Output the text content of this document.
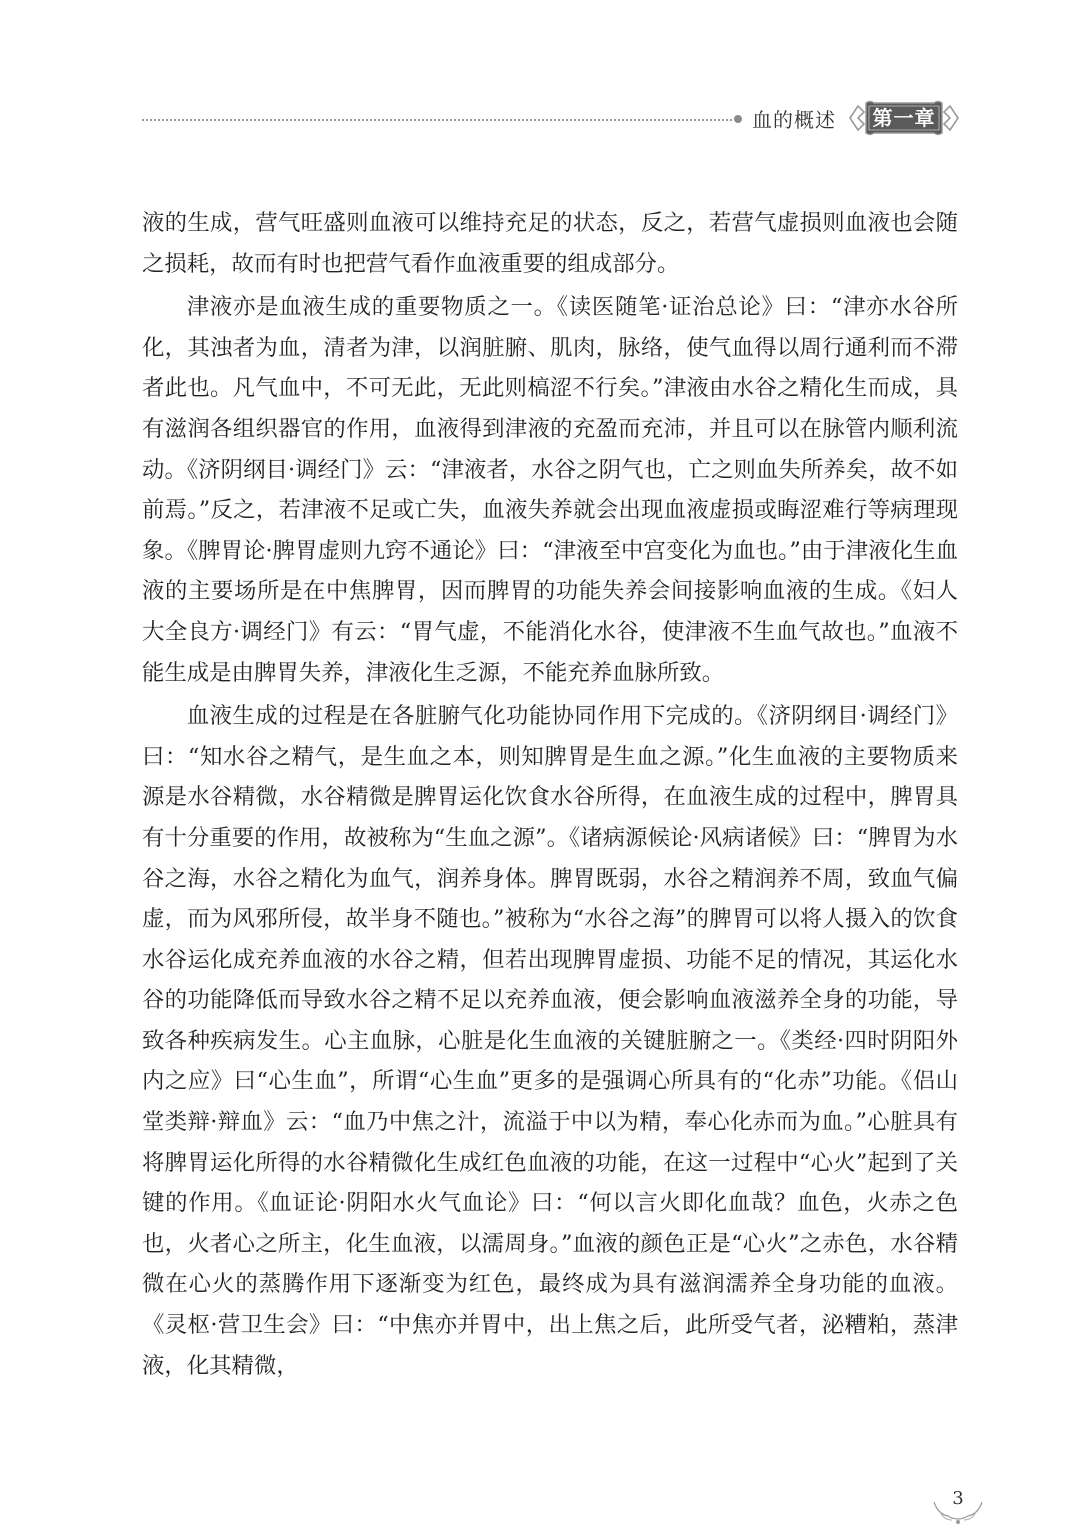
血的概述	第一章

液的生成，营气旺盛则血液可以维持充足的状态，反之，若营气虚损则血液也会随之损耗，故而有时也把营气看作血液重要的组成部分。

津液亦是血液生成的重要物质之一。《读医随笔·证治总论》曰：“津亦水谷所化，其浊者为血，清者为津，以润脏腑、肌肉，脉络，使气血得以周行通利而不滞者此也。凡气血中，不可无此，无此则槁涩不行矣。”津液由水谷之精化生而成，具有滋润各组织器官的作用，血液得到津液的充盈而充沛，并且可以在脉管内顺利流动。《济阴纲目·调经门》云：“津液者，水谷之阴气也，亡之则血失所养矣，故不如前焉。”反之，若津液不足或亡失，血液失养就会出现血液虚损或晦涩难行等病理现象。《脾胃论·脾胃虚则九窍不通论》曰：“津液至中宫变化为血也。”由于津液化生血液的主要场所是在中焦脾胃，因而脾胃的功能失养会间接影响血液的生成。《妇人大全良方·调经门》有云：“胃气虚，不能消化水谷，使津液不生血气故也。”血液不能生成是由脾胃失养，津液化生乏源，不能充养血脉所致。

血液生成的过程是在各脏腑气化功能协同作用下完成的。《济阴纲目·调经门》曰：“知水谷之精气，是生血之本，则知脾胃是生血之源。”化生血液的主要物质来源是水谷精微，水谷精微是脾胃运化饮食水谷所得，在血液生成的过程中，脾胃具有十分重要的作用，故被称为“生血之源”。《诸病源候论·风病诸候》曰：“脾胃为水谷之海，水谷之精化为血气，润养身体。脾胃既弱，水谷之精润养不周，致血气偏虚，而为风邪所侵，故半身不随也。”被称为“水谷之海”的脾胃可以将人摄入的饮食水谷运化成充养血液的水谷之精，但若出现脾胃虚损、功能不足的情况，其运化水谷的功能降低而导致水谷之精不足以充养血液，便会影响血液滋养全身的功能，导致各种疾病发生。心主血脉，心脏是化生血液的关键脏腑之一。《类经·四时阴阳外内之应》曰“心生血”，所谓“心生血”更多的是强调心所具有的“化赤”功能。《侣山堂类辩·辩血》云：“血乃中焦之汁，流溢于中以为精，奉心化赤而为血。”心脏具有将脾胃运化所得的水谷精微化生成红色血液的功能，在这一过程中“心火”起到了关键的作用。《血证论·阴阳水火气血论》曰：“何以言火即化血哉？血色，火赤之色也，火者心之所主，化生血液，以濡周身。”血液的颜色正是“心火”之赤色，水谷精微在心火的蒸腾作用下逐渐变为红色，最终成为具有滋润濡养全身功能的血液。《灵枢·营卫生会》曰：“中焦亦并胃中，出上焦之后，此所受气者，泌糟粕，蒸津液，化其精微，

3
